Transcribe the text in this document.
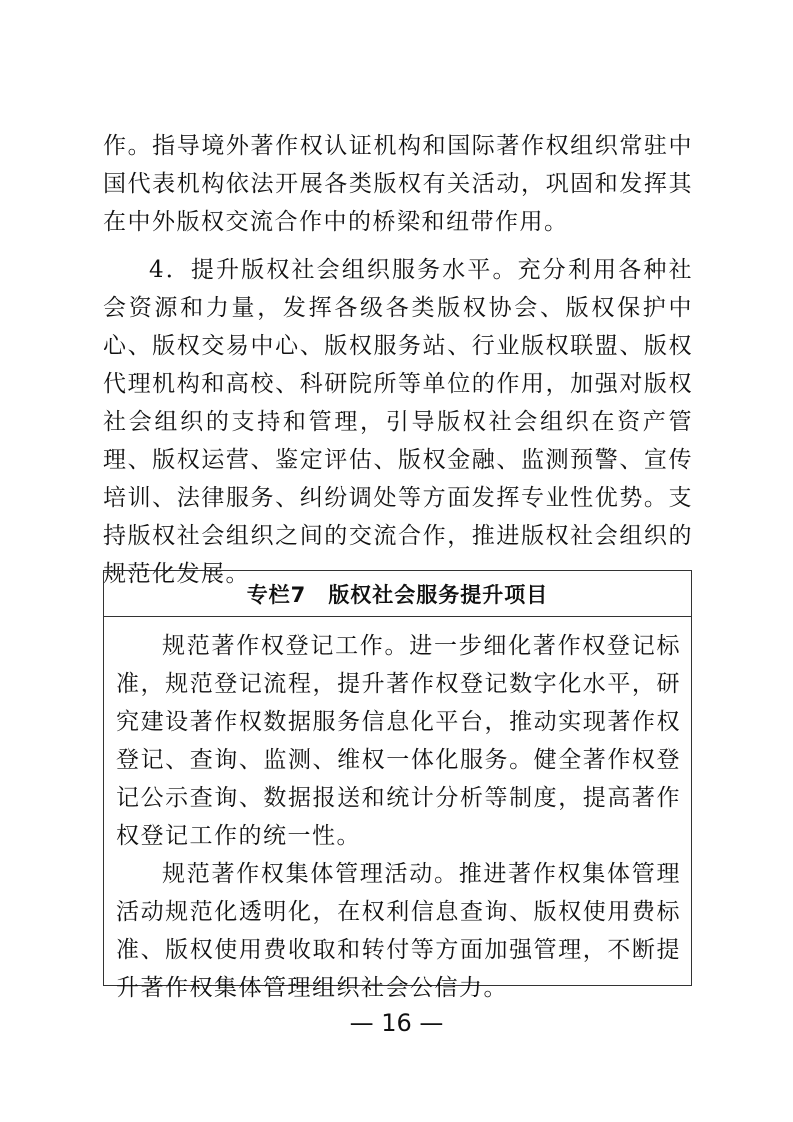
作。指导境外著作权认证机构和国际著作权组织常驻中国代表机构依法开展各类版权有关活动，巩固和发挥其在中外版权交流合作中的桥梁和纽带作用。

4．提升版权社会组织服务水平。充分利用各种社会资源和力量，发挥各级各类版权协会、版权保护中心、版权交易中心、版权服务站、行业版权联盟、版权代理机构和高校、科研院所等单位的作用，加强对版权社会组织的支持和管理，引导版权社会组织在资产管理、版权运营、鉴定评估、版权金融、监测预警、宣传培训、法律服务、纠纷调处等方面发挥专业性优势。支持版权社会组织之间的交流合作，推进版权社会组织的规范化发展。

专栏7 版权社会服务提升项目

规范著作权登记工作。进一步细化著作权登记标准，规范登记流程，提升著作权登记数字化水平，研究建设著作权数据服务信息化平台，推动实现著作权登记、查询、监测、维权一体化服务。健全著作权登记公示查询、数据报送和统计分析等制度，提高著作权登记工作的统一性。

规范著作权集体管理活动。推进著作权集体管理活动规范化透明化，在权利信息查询、版权使用费标准、版权使用费收取和转付等方面加强管理，不断提升著作权集体管理组织社会公信力。

— 16 —
